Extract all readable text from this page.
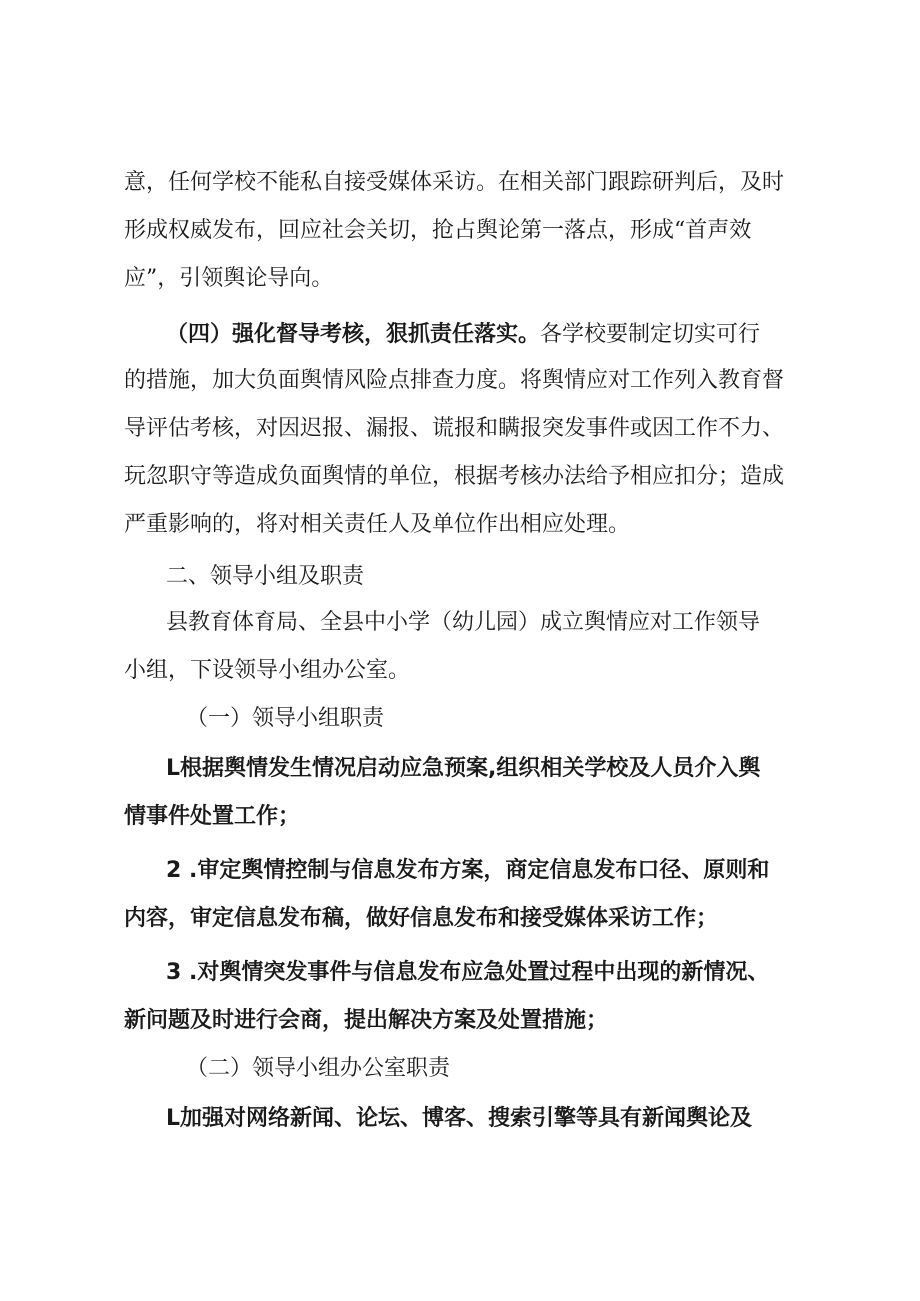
意，任何学校不能私自接受媒体采访。在相关部门跟踪研判后，及时
形成权威发布，回应社会关切，抢占舆论第一落点，形成“首声效
应”，引领舆论导向。
（四）强化督导考核，狠抓责任落实。各学校要制定切实可行
的措施，加大负面舆情风险点排查力度。将舆情应对工作列入教育督
导评估考核，对因迟报、漏报、谎报和瞒报突发事件或因工作不力、
玩忽职守等造成负面舆情的单位，根据考核办法给予相应扣分；造成
严重影响的，将对相关责任人及单位作出相应处理。
二、领导小组及职责
县教育体育局、全县中小学（幼儿园）成立舆情应对工作领导
小组，下设领导小组办公室。
（一）领导小组职责
L根据舆情发生情况启动应急预案,组织相关学校及人员介入舆
情事件处置工作；
2 .审定舆情控制与信息发布方案，商定信息发布口径、原则和
内容，审定信息发布稿，做好信息发布和接受媒体采访工作；
3 .对舆情突发事件与信息发布应急处置过程中出现的新情况、
新问题及时进行会商，提出解决方案及处置措施；
（二）领导小组办公室职责
L加强对网络新闻、论坛、博客、搜索引擎等具有新闻舆论及
